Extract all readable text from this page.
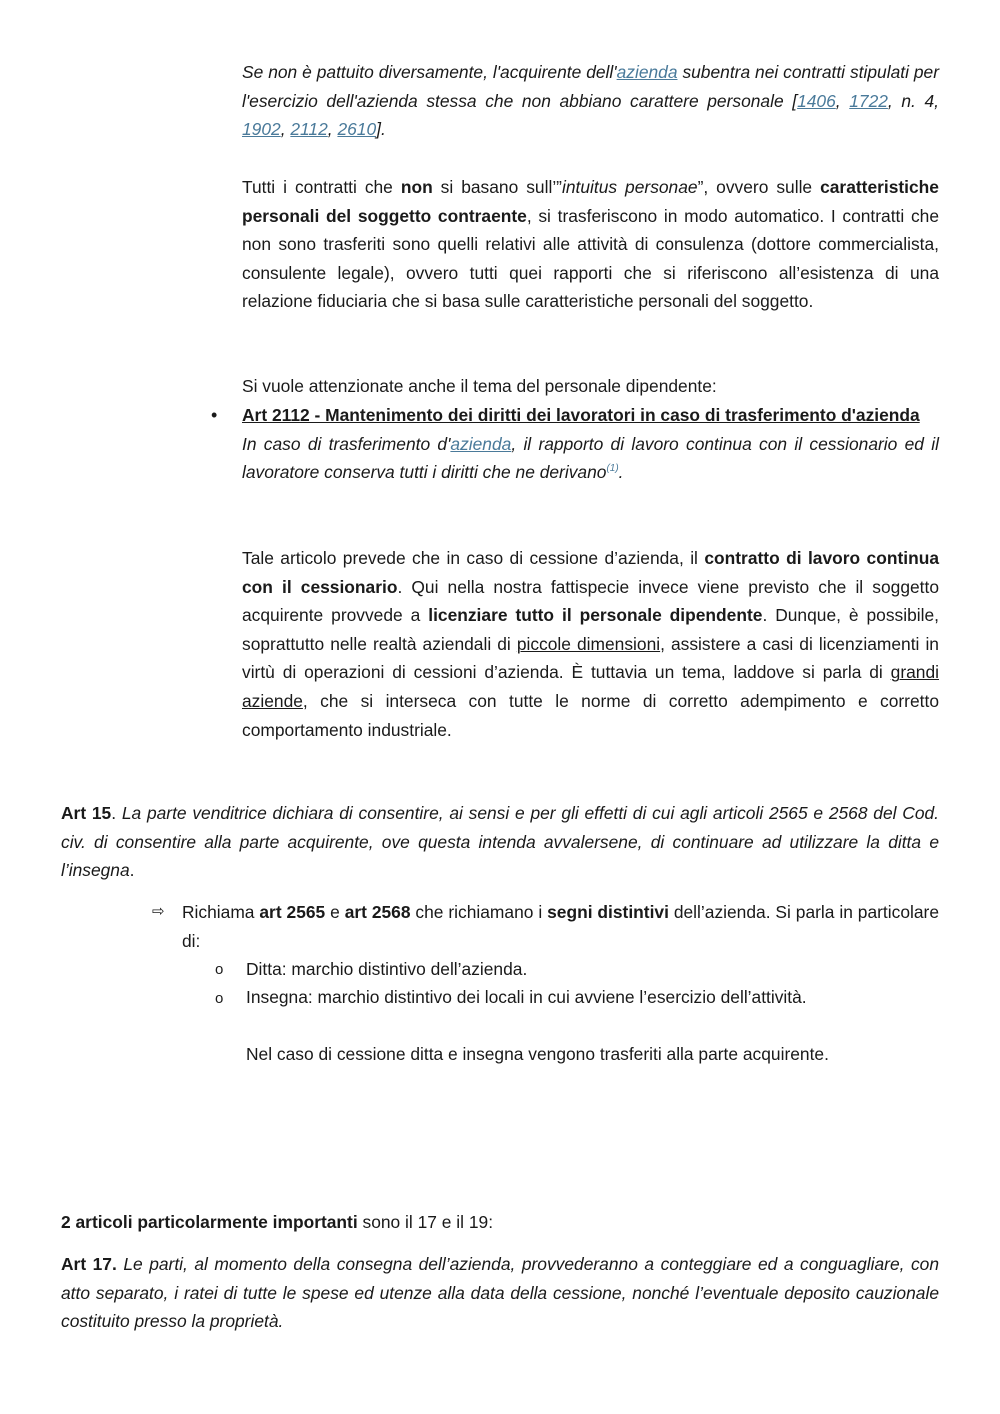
Se non è pattuito diversamente, l'acquirente dell'azienda subentra nei contratti stipulati per l'esercizio dell'azienda stessa che non abbiano carattere personale [1406, 1722, n. 4, 1902, 2112, 2610].

Tutti i contratti che non si basano sull’”intuitus personae”, ovvero sulle caratteristiche personali del soggetto contraente, si trasferiscono in modo automatico. I contratti che non sono trasferiti sono quelli relativi alle attività di consulenza (dottore commercialista, consulente legale), ovvero tutti quei rapporti che si riferiscono all’esistenza di una relazione fiduciaria che si basa sulle caratteristiche personali del soggetto.

Si vuole attenzionate anche il tema del personale dipendente:

• Art 2112 - Mantenimento dei diritti dei lavoratori in caso di trasferimento d'azienda

In caso di trasferimento d'azienda, il rapporto di lavoro continua con il cessionario ed il lavoratore conserva tutti i diritti che ne derivano$^{(1)}$.

Tale articolo prevede che in caso di cessione d’azienda, il contratto di lavoro continua con il cessionario. Qui nella nostra fattispecie invece viene previsto che il soggetto acquirente provvede a licenziare tutto il personale dipendente. Dunque, è possibile, soprattutto nelle realtà aziendali di piccole dimensioni, assistere a casi di licenziamenti in virtù di operazioni di cessioni d’azienda. È tuttavia un tema, laddove si parla di grandi aziende, che si interseca con tutte le norme di corretto adempimento e corretto comportamento industriale.

Art 15. La parte venditrice dichiara di consentire, ai sensi e per gli effetti di cui agli articoli 2565 e 2568 del Cod. civ. di consentire alla parte acquirente, ove questa intenda avvalersene, di continuare ad utilizzare la ditta e l’insegna.

⇨ Richiama art 2565 e art 2568 che richiamano i segni distintivi dell’azienda. Si parla in particolare di:

o Ditta: marchio distintivo dell’azienda.

o Insegna: marchio distintivo dei locali in cui avviene l’esercizio dell’attività.

Nel caso di cessione ditta e insegna vengono trasferiti alla parte acquirente.

2 articoli particolarmente importanti sono il 17 e il 19:

Art 17. Le parti, al momento della consegna dell’azienda, provvederanno a conteggiare ed a conguagliare, con atto separato, i ratei di tutte le spese ed utenze alla data della cessione, nonché l’eventuale deposito cauzionale costituito presso la proprietà.
